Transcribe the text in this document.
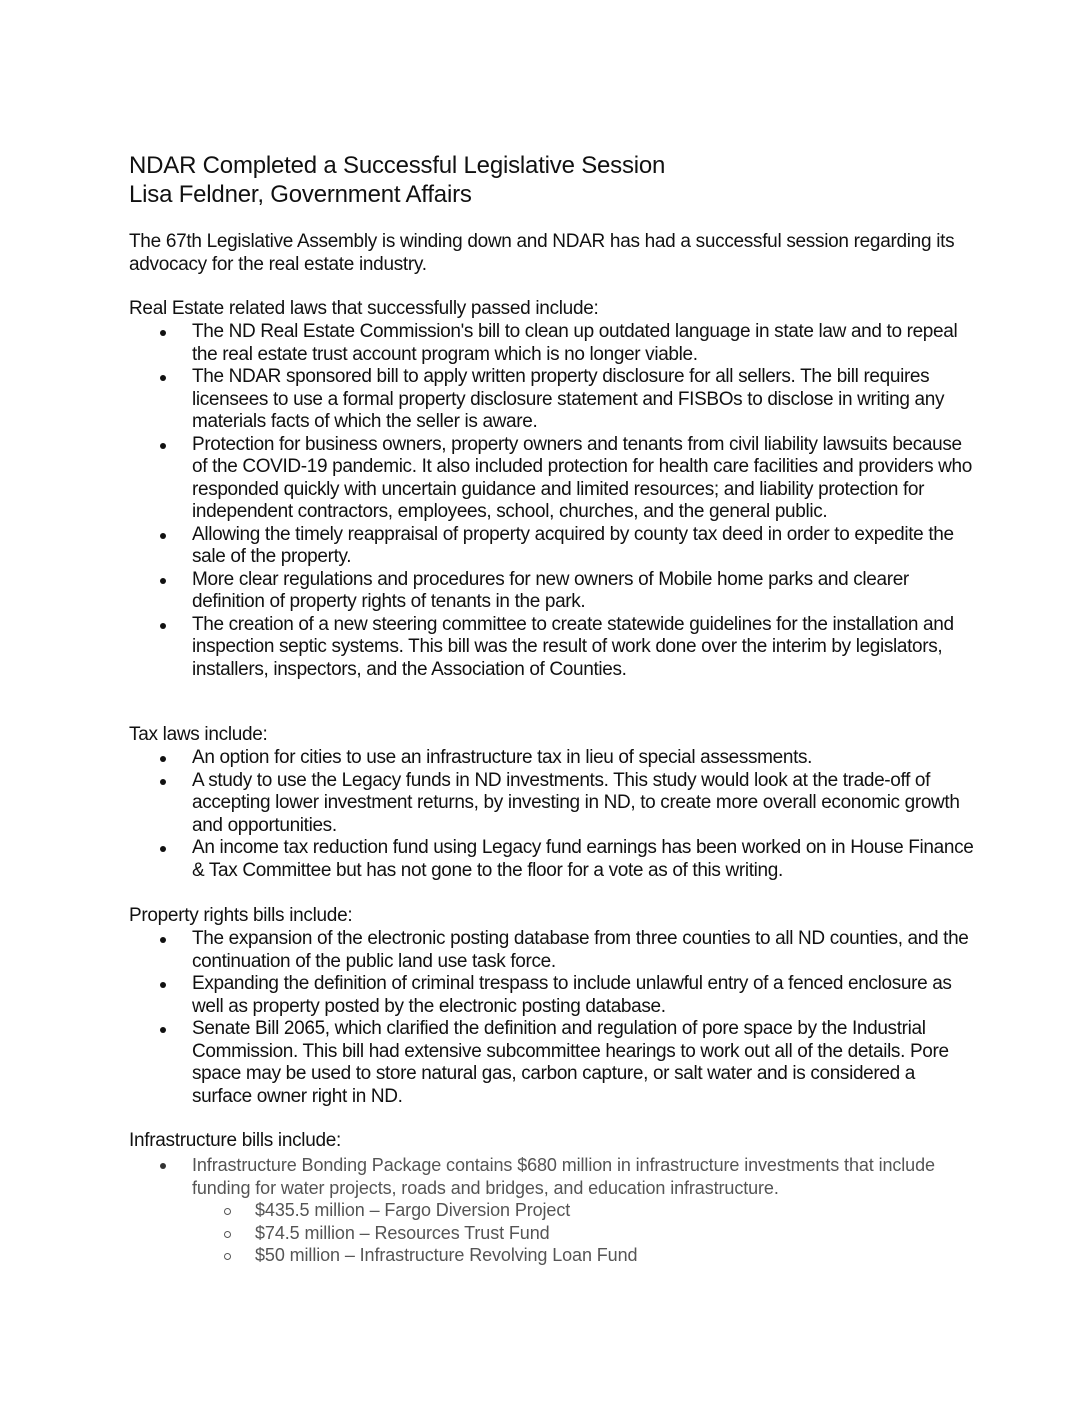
NDAR Completed a Successful Legislative Session
Lisa Feldner, Government Affairs

The 67th Legislative Assembly is winding down and NDAR has had a successful session regarding its advocacy for the real estate industry.

Real Estate related laws that successfully passed include:

The ND Real Estate Commission's bill to clean up outdated language in state law and to repeal the real estate trust account program which is no longer viable.
The NDAR sponsored bill to apply written property disclosure for all sellers. The bill requires licensees to use a formal property disclosure statement and FISBOs to disclose in writing any materials facts of which the seller is aware.
Protection for business owners, property owners and tenants from civil liability lawsuits because of the COVID-19 pandemic. It also included protection for health care facilities and providers who responded quickly with uncertain guidance and limited resources; and liability protection for independent contractors, employees, school, churches, and the general public.
Allowing the timely reappraisal of property acquired by county tax deed in order to expedite the sale of the property.
More clear regulations and procedures for new owners of Mobile home parks and clearer definition of property rights of tenants in the park.
The creation of a new steering committee to create statewide guidelines for the installation and inspection septic systems. This bill was the result of work done over the interim by legislators, installers, inspectors, and the Association of Counties.

Tax laws include:

An option for cities to use an infrastructure tax in lieu of special assessments.
A study to use the Legacy funds in ND investments. This study would look at the trade-off of accepting lower investment returns, by investing in ND, to create more overall economic growth and opportunities.
An income tax reduction fund using Legacy fund earnings has been worked on in House Finance & Tax Committee but has not gone to the floor for a vote as of this writing.

Property rights bills include:

The expansion of the electronic posting database from three counties to all ND counties, and the continuation of the public land use task force.
Expanding the definition of criminal trespass to include unlawful entry of a fenced enclosure as well as property posted by the electronic posting database.
Senate Bill 2065, which clarified the definition and regulation of pore space by the Industrial Commission. This bill had extensive subcommittee hearings to work out all of the details. Pore space may be used to store natural gas, carbon capture, or salt water and is considered a surface owner right in ND.

Infrastructure bills include:

Infrastructure Bonding Package contains $680 million in infrastructure investments that include funding for water projects, roads and bridges, and education infrastructure.
$435.5 million – Fargo Diversion Project
$74.5 million – Resources Trust Fund
$50 million – Infrastructure Revolving Loan Fund
